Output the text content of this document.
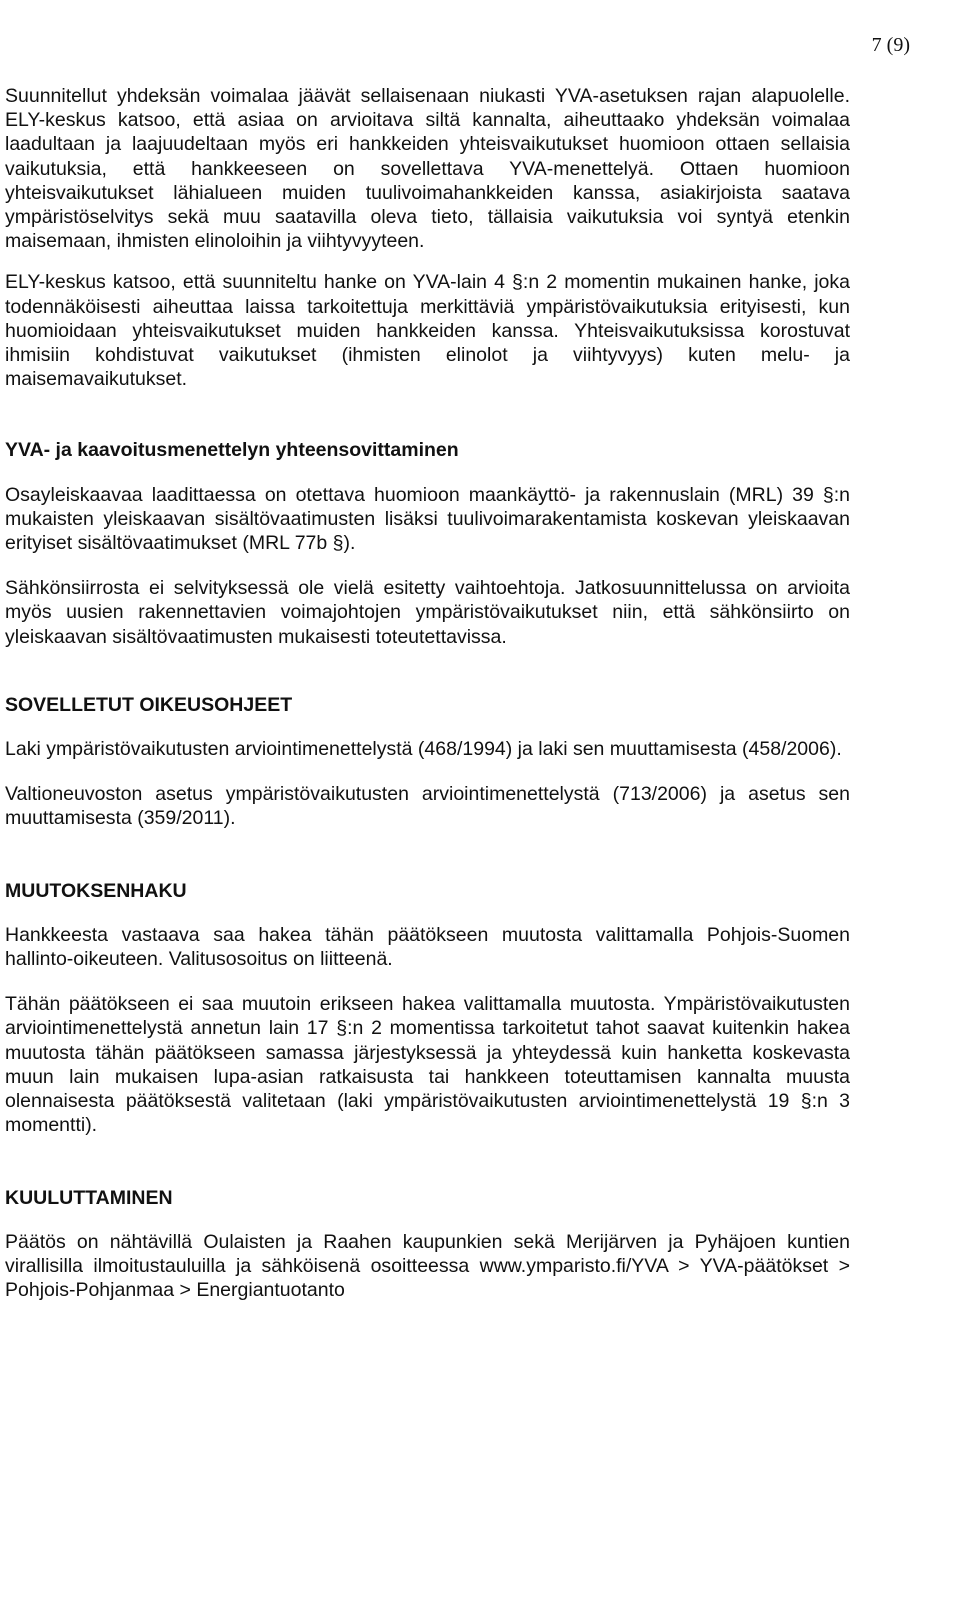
7 (9)

Suunnitellut yhdeksän voimalaa jäävät sellaisenaan niukasti YVA-asetuksen rajan alapuolelle. ELY-keskus katsoo, että asiaa on arvioitava siltä kannalta, aiheuttaako yhdeksän voimalaa laadultaan ja laajuudeltaan myös eri hankkeiden yhteisvaikutukset huomioon ottaen sellaisia vaikutuksia, että hankkeeseen on sovellettava YVA-menettelyä. Ottaen huomioon yhteisvaikutukset lähialueen muiden tuulivoimahankkeiden kanssa, asiakirjoista saatava ympäristöselvitys sekä muu saatavilla oleva tieto, tällaisia vaikutuksia voi syntyä etenkin maisemaan, ihmisten elinoloihin ja viihtyvyyteen.

ELY-keskus katsoo, että suunniteltu hanke on YVA-lain 4 §:n 2 momentin mukainen hanke, joka todennäköisesti aiheuttaa laissa tarkoitettuja merkittäviä ympäristövaikutuksia erityisesti, kun huomioidaan yhteisvaikutukset muiden hankkeiden kanssa. Yhteisvaikutuksissa korostuvat ihmisiin kohdistuvat vaikutukset (ihmisten elinolot ja viihtyvyys) kuten melu- ja maisemavaikutukset.

YVA- ja kaavoitusmenettelyn yhteensovittaminen

Osayleiskaavaa laadittaessa on otettava huomioon maankäyttö- ja rakennuslain (MRL) 39 §:n mukaisten yleiskaavan sisältövaatimusten lisäksi tuulivoimarakentamista koskevan yleiskaavan erityiset sisältövaatimukset (MRL 77b §).

Sähkönsiirrosta ei selvityksessä ole vielä esitetty vaihtoehtoja. Jatkosuunnittelussa on arvioita myös uusien rakennettavien voimajohtojen ympäristövaikutukset niin, että sähkönsiirto on yleiskaavan sisältövaatimusten mukaisesti toteutettavissa.

SOVELLETUT OIKEUSOHJEET

Laki ympäristövaikutusten arviointimenettelystä (468/1994) ja laki sen muuttamisesta (458/2006).

Valtioneuvoston asetus ympäristövaikutusten arviointimenettelystä (713/2006) ja asetus sen muuttamisesta (359/2011).

MUUTOKSENHAKU

Hankkeesta vastaava saa hakea tähän päätökseen muutosta valittamalla Pohjois-Suomen hallinto-oikeuteen. Valitusosoitus on liitteenä.

Tähän päätökseen ei saa muutoin erikseen hakea valittamalla muutosta. Ympäristövaikutusten arviointimenettelystä annetun lain 17 §:n 2 momentissa tarkoitetut tahot saavat kuitenkin hakea muutosta tähän päätökseen samassa järjestyksessä ja yhteydessä kuin hanketta koskevasta muun lain mukaisen lupa-asian ratkaisusta tai hankkeen toteuttamisen kannalta muusta olennaisesta päätöksestä valitetaan (laki ympäristövaikutusten arviointimenettelystä 19 §:n 3 momentti).

KUULUTTAMINEN

Päätös on nähtävillä Oulaisten ja Raahen kaupunkien sekä Merijärven ja Pyhäjoen kuntien virallisilla ilmoitustauluilla ja sähköisenä osoitteessa www.ymparisto.fi/YVA > YVA-päätökset > Pohjois-Pohjanmaa > Energiantuotanto
